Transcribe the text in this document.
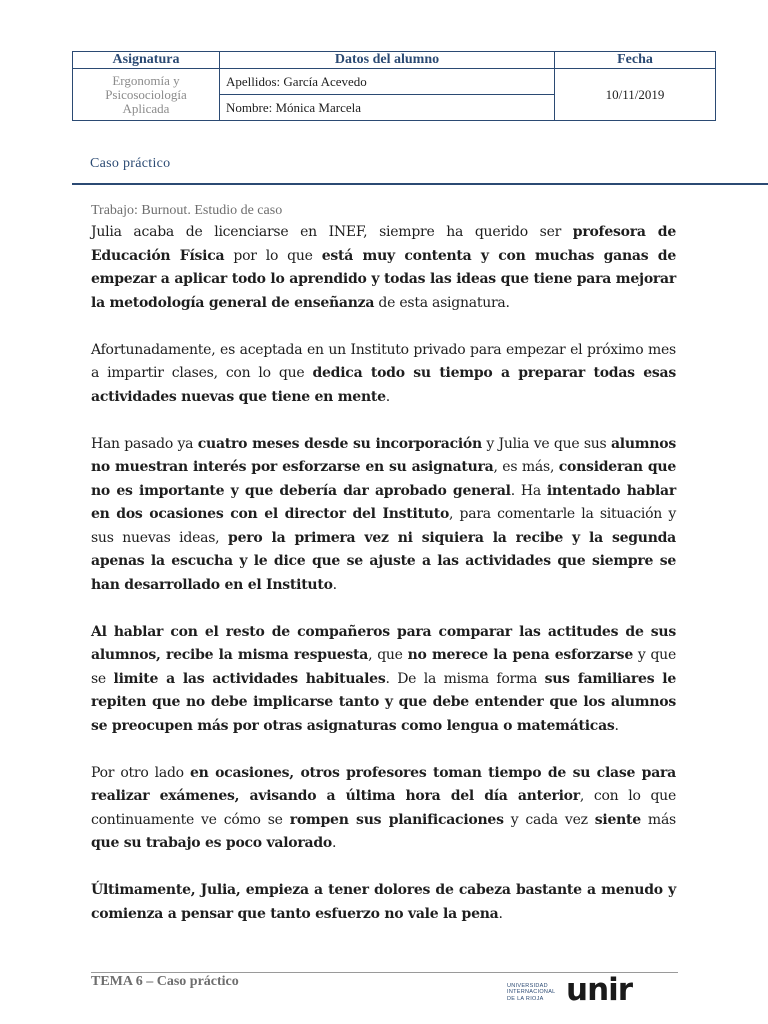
Asignatura	Datos del alumno	Fecha

Ergonomía y
Psicosociología
Aplicada	Apellidos: García Acevedo	10/11/2019
	Nombre: Mónica Marcela	
Caso práctico
Trabajo: Burnout. Estudio de caso

Julia acaba de licenciarse en INEF, siempre ha querido ser profesora de Educación Física por lo que está muy contenta y con muchas ganas de empezar a aplicar todo lo aprendido y todas las ideas que tiene para mejorar la metodología general de enseñanza de esta asignatura.

Afortunadamente, es aceptada en un Instituto privado para empezar el próximo mes a impartir clases, con lo que dedica todo su tiempo a preparar todas esas actividades nuevas que tiene en mente.

Han pasado ya cuatro meses desde su incorporación y Julia ve que sus alumnos no muestran interés por esforzarse en su asignatura, es más, consideran que no es importante y que debería dar aprobado general. Ha intentado hablar en dos ocasiones con el director del Instituto, para comentarle la situación y sus nuevas ideas, pero la primera vez ni siquiera la recibe y la segunda apenas la escucha y le dice que se ajuste a las actividades que siempre se han desarrollado en el Instituto.

Al hablar con el resto de compañeros para comparar las actitudes de sus alumnos, recibe la misma respuesta, que no merece la pena esforzarse y que se limite a las actividades habituales. De la misma forma sus familiares le repiten que no debe implicarse tanto y que debe entender que los alumnos se preocupen más por otras asignaturas como lengua o matemáticas.

Por otro lado en ocasiones, otros profesores toman tiempo de su clase para realizar exámenes, avisando a última hora del día anterior, con lo que continuamente ve cómo se rompen sus planificaciones y cada vez siente más que su trabajo es poco valorado.

Últimamente, Julia, empieza a tener dolores de cabeza bastante a menudo y comienza a pensar que tanto esfuerzo no vale la pena.

TEMA 6 – Caso práctico	UNIVERSIDAD
INTERNACIONAL
DE LA RIOJA unir
